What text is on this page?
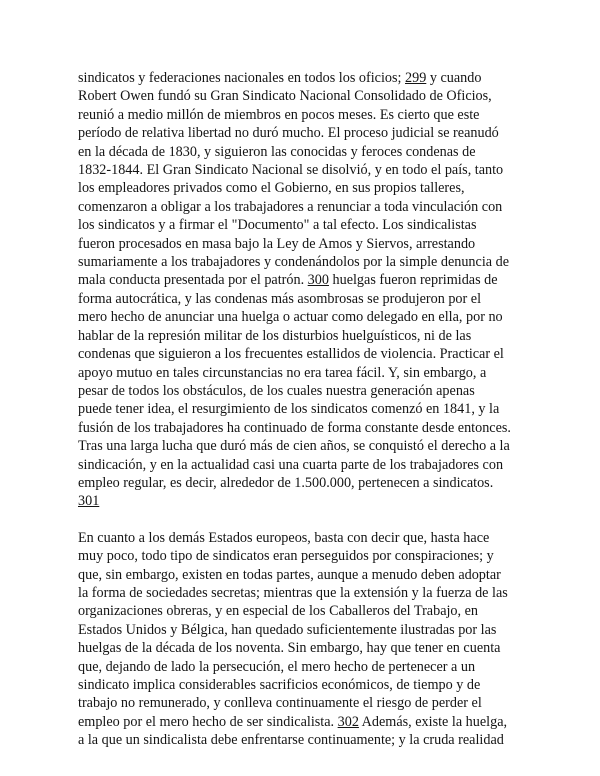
sindicatos y federaciones nacionales en todos los oficios; 299 y cuando
Robert Owen fundó su Gran Sindicato Nacional Consolidado de Oficios,
reunió a medio millón de miembros en pocos meses. Es cierto que este
período de relativa libertad no duró mucho. El proceso judicial se reanudó
en la década de 1830, y siguieron las conocidas y feroces condenas de
1832-1844. El Gran Sindicato Nacional se disolvió, y en todo el país, tanto
los empleadores privados como el Gobierno, en sus propios talleres,
comenzaron a obligar a los trabajadores a renunciar a toda vinculación con
los sindicatos y a firmar el "Documento" a tal efecto. Los sindicalistas
fueron procesados en masa bajo la Ley de Amos y Siervos, arrestando
sumariamente a los trabajadores y condenándolos por la simple denuncia de
mala conducta presentada por el patrón. 300 huelgas fueron reprimidas de
forma autocrática, y las condenas más asombrosas se produjeron por el
mero hecho de anunciar una huelga o actuar como delegado en ella, por no
hablar de la represión militar de los disturbios huelguísticos, ni de las
condenas que siguieron a los frecuentes estallidos de violencia. Practicar el
apoyo mutuo en tales circunstancias no era tarea fácil. Y, sin embargo, a
pesar de todos los obstáculos, de los cuales nuestra generación apenas
puede tener idea, el resurgimiento de los sindicatos comenzó en 1841, y la
fusión de los trabajadores ha continuado de forma constante desde entonces.
Tras una larga lucha que duró más de cien años, se conquistó el derecho a la
sindicación, y en la actualidad casi una cuarta parte de los trabajadores con
empleo regular, es decir, alrededor de 1.500.000, pertenecen a sindicatos.
301

En cuanto a los demás Estados europeos, basta con decir que, hasta hace
muy poco, todo tipo de sindicatos eran perseguidos por conspiraciones; y
que, sin embargo, existen en todas partes, aunque a menudo deben adoptar
la forma de sociedades secretas; mientras que la extensión y la fuerza de las
organizaciones obreras, y en especial de los Caballeros del Trabajo, en
Estados Unidos y Bélgica, han quedado suficientemente ilustradas por las
huelgas de la década de los noventa. Sin embargo, hay que tener en cuenta
que, dejando de lado la persecución, el mero hecho de pertenecer a un
sindicato implica considerables sacrificios económicos, de tiempo y de
trabajo no remunerado, y conlleva continuamente el riesgo de perder el
empleo por el mero hecho de ser sindicalista. 302 Además, existe la huelga,
a la que un sindicalista debe enfrentarse continuamente; y la cruda realidad
